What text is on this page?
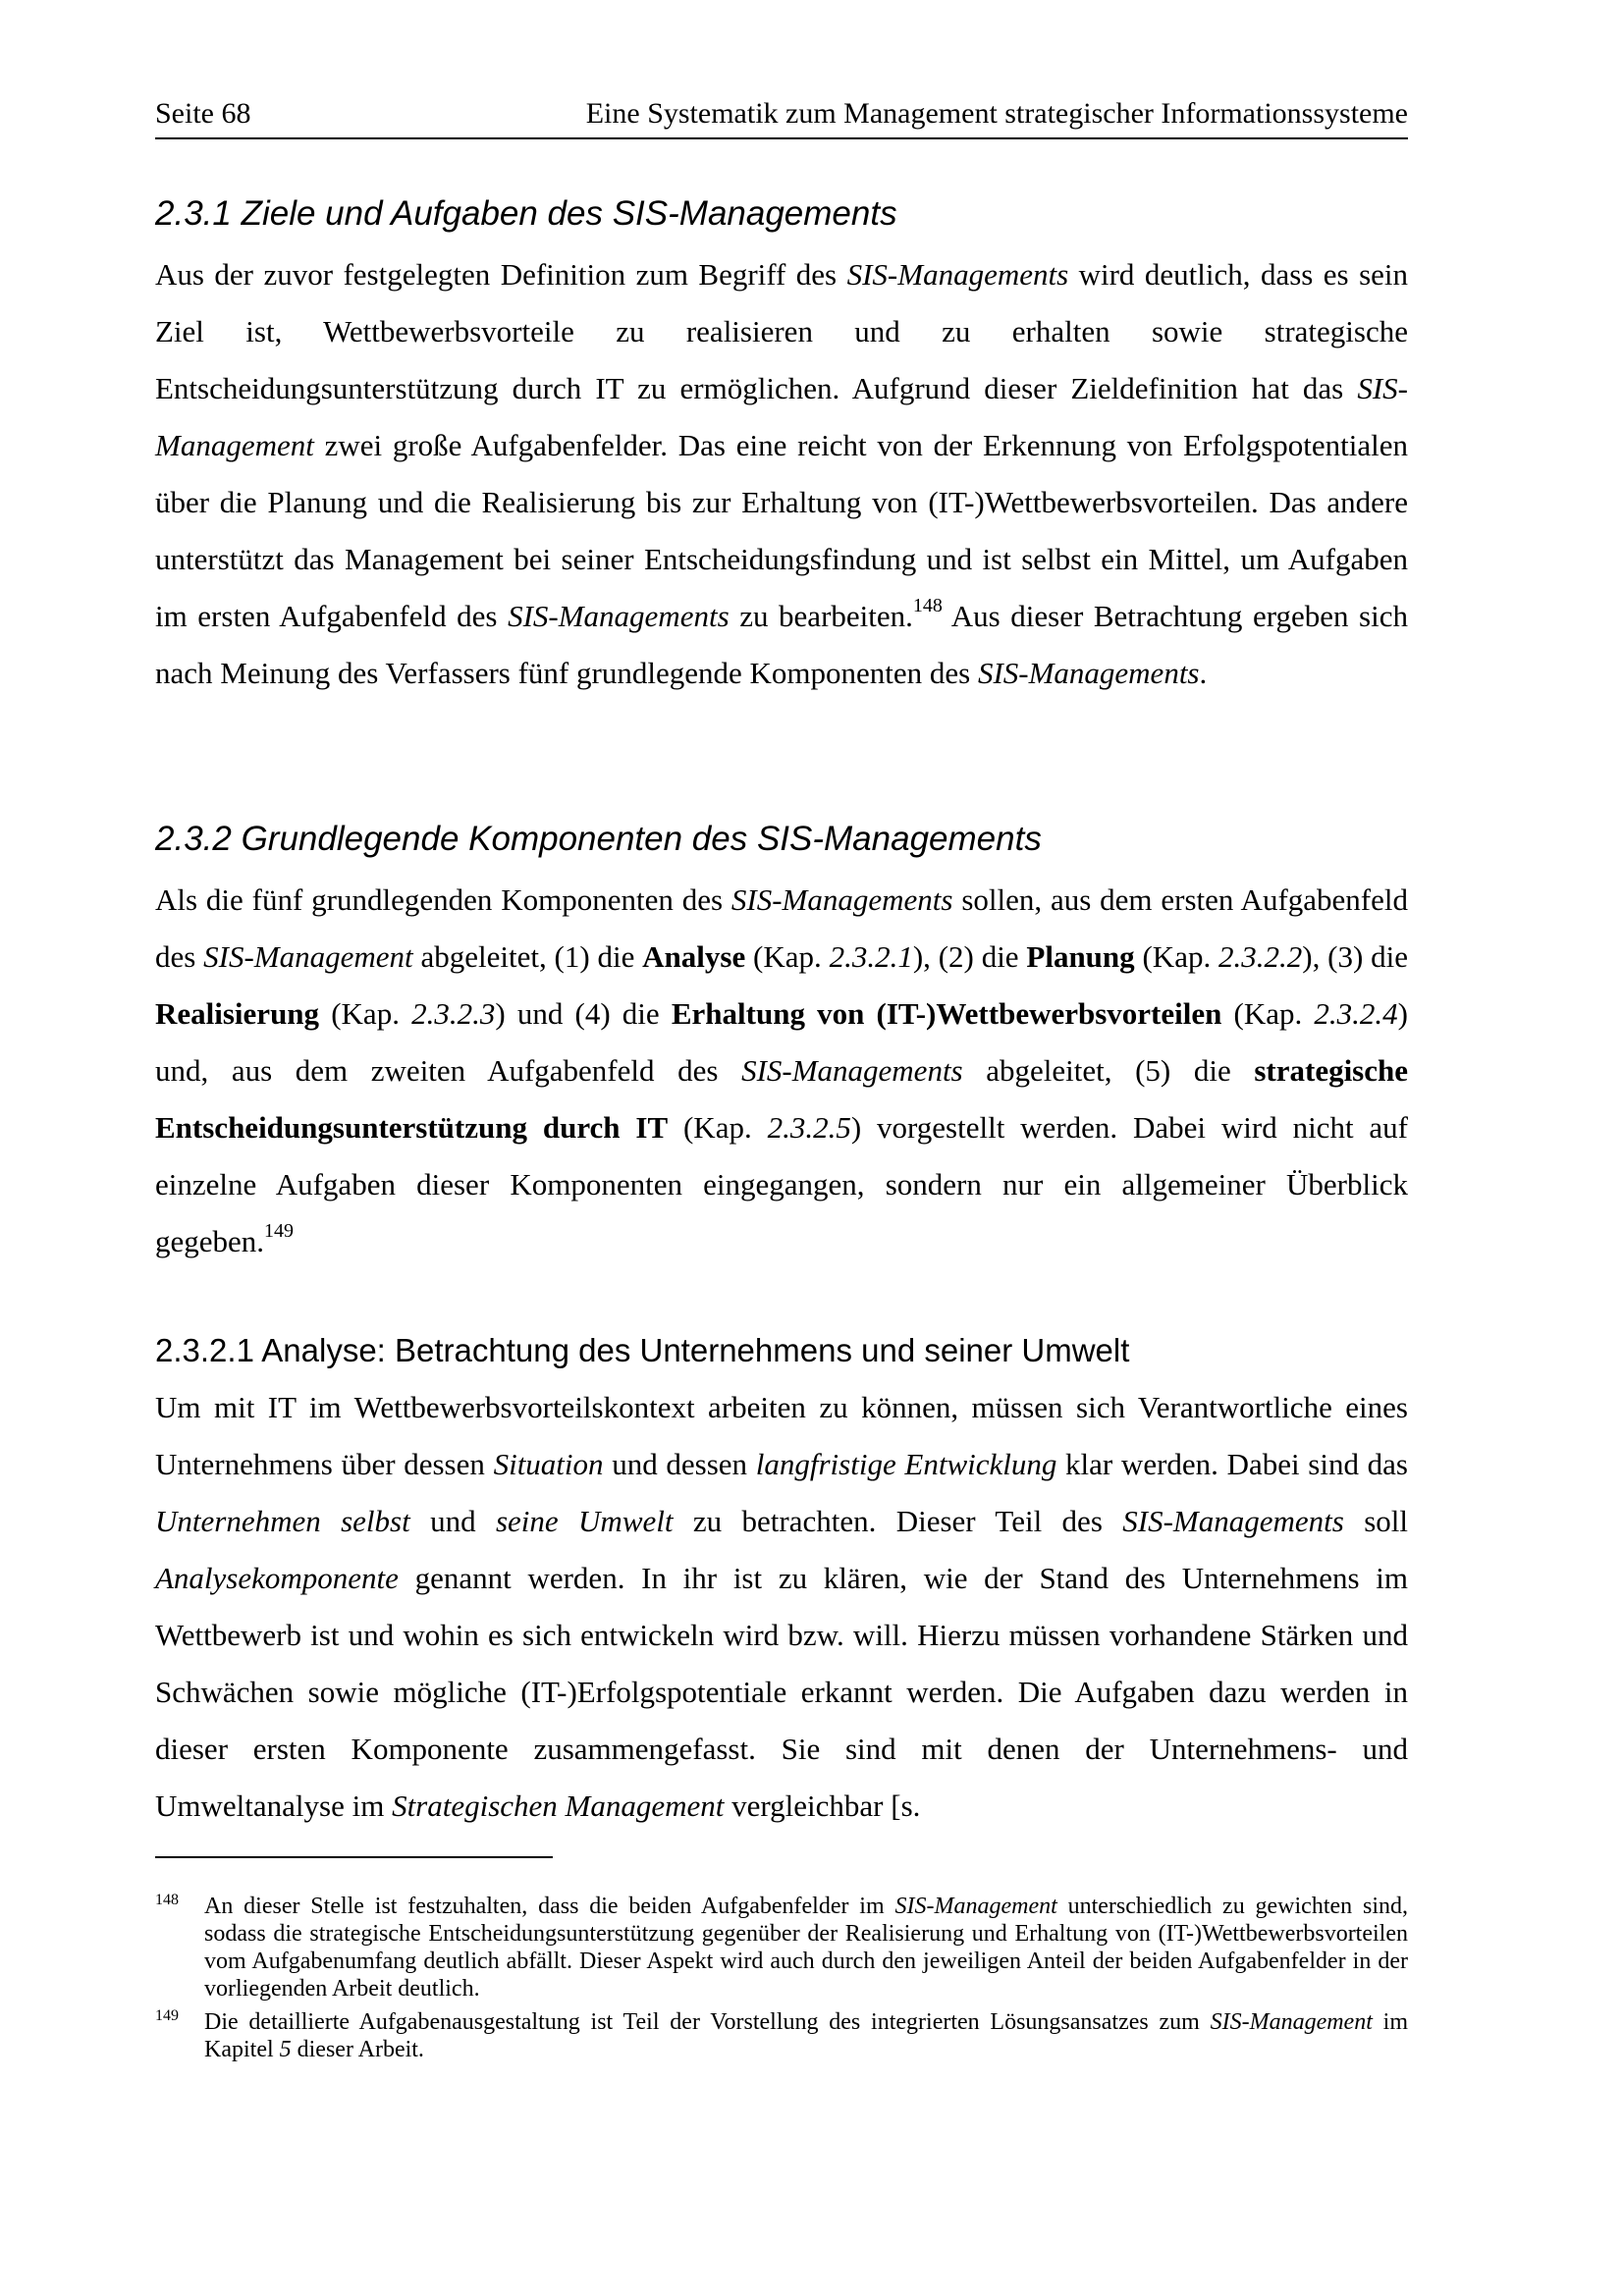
Seite 68	Eine Systematik zum Management strategischer Informationssysteme
2.3.1 Ziele und Aufgaben des SIS-Managements

Aus der zuvor festgelegten Definition zum Begriff des SIS-Managements wird deutlich, dass es sein Ziel ist, Wettbewerbsvorteile zu realisieren und zu erhalten sowie strategische Entscheidungsunterstützung durch IT zu ermöglichen. Aufgrund dieser Zieldefinition hat das SIS-Management zwei große Aufgabenfelder. Das eine reicht von der Erkennung von Erfolgspotentialen über die Planung und die Realisierung bis zur Erhaltung von (IT-)Wettbewerbsvorteilen. Das andere unterstützt das Management bei seiner Entscheidungsfindung und ist selbst ein Mittel, um Aufgaben im ersten Aufgabenfeld des SIS-Managements zu bearbeiten.$^{148}$ Aus dieser Betrachtung ergeben sich nach Meinung des Verfassers fünf grundlegende Komponenten des SIS-Managements.

2.3.2 Grundlegende Komponenten des SIS-Managements

Als die fünf grundlegenden Komponenten des SIS-Managements sollen, aus dem ersten Aufgabenfeld des SIS-Management abgeleitet, (1) die Analyse (Kap. 2.3.2.1), (2) die Planung (Kap. 2.3.2.2), (3) die Realisierung (Kap. 2.3.2.3) und (4) die Erhaltung von (IT-)Wettbewerbsvorteilen (Kap. 2.3.2.4) und, aus dem zweiten Aufgabenfeld des SIS-Managements abgeleitet, (5) die strategische Entscheidungsunterstützung durch IT (Kap. 2.3.2.5) vorgestellt werden. Dabei wird nicht auf einzelne Aufgaben dieser Komponenten eingegangen, sondern nur ein allgemeiner Überblick gegeben.$^{149}$

2.3.2.1 Analyse: Betrachtung des Unternehmens und seiner Umwelt

Um mit IT im Wettbewerbsvorteilskontext arbeiten zu können, müssen sich Verantwortliche eines Unternehmens über dessen Situation und dessen langfristige Entwicklung klar werden. Dabei sind das Unternehmen selbst und seine Umwelt zu betrachten. Dieser Teil des SIS-Managements soll Analysekomponente genannt werden. In ihr ist zu klären, wie der Stand des Unternehmens im Wettbewerb ist und wohin es sich entwickeln wird bzw. will. Hierzu müssen vorhandene Stärken und Schwächen sowie mögliche (IT-)Erfolgspotentiale erkannt werden. Die Aufgaben dazu werden in dieser ersten Komponente zusammengefasst. Sie sind mit denen der Unternehmens- und Umweltanalyse im Strategischen Management vergleichbar [s.

148 An dieser Stelle ist festzuhalten, dass die beiden Aufgabenfelder im SIS-Management unterschiedlich zu gewichten sind, sodass die strategische Entscheidungsunterstützung gegenüber der Realisierung und Erhaltung von (IT-)Wettbewerbsvorteilen vom Aufgabenumfang deutlich abfällt. Dieser Aspekt wird auch durch den jeweiligen Anteil der beiden Aufgabenfelder in der vorliegenden Arbeit deutlich.
149 Die detaillierte Aufgabenausgestaltung ist Teil der Vorstellung des integrierten Lösungsansatzes zum SIS-Management im Kapitel 5 dieser Arbeit.
